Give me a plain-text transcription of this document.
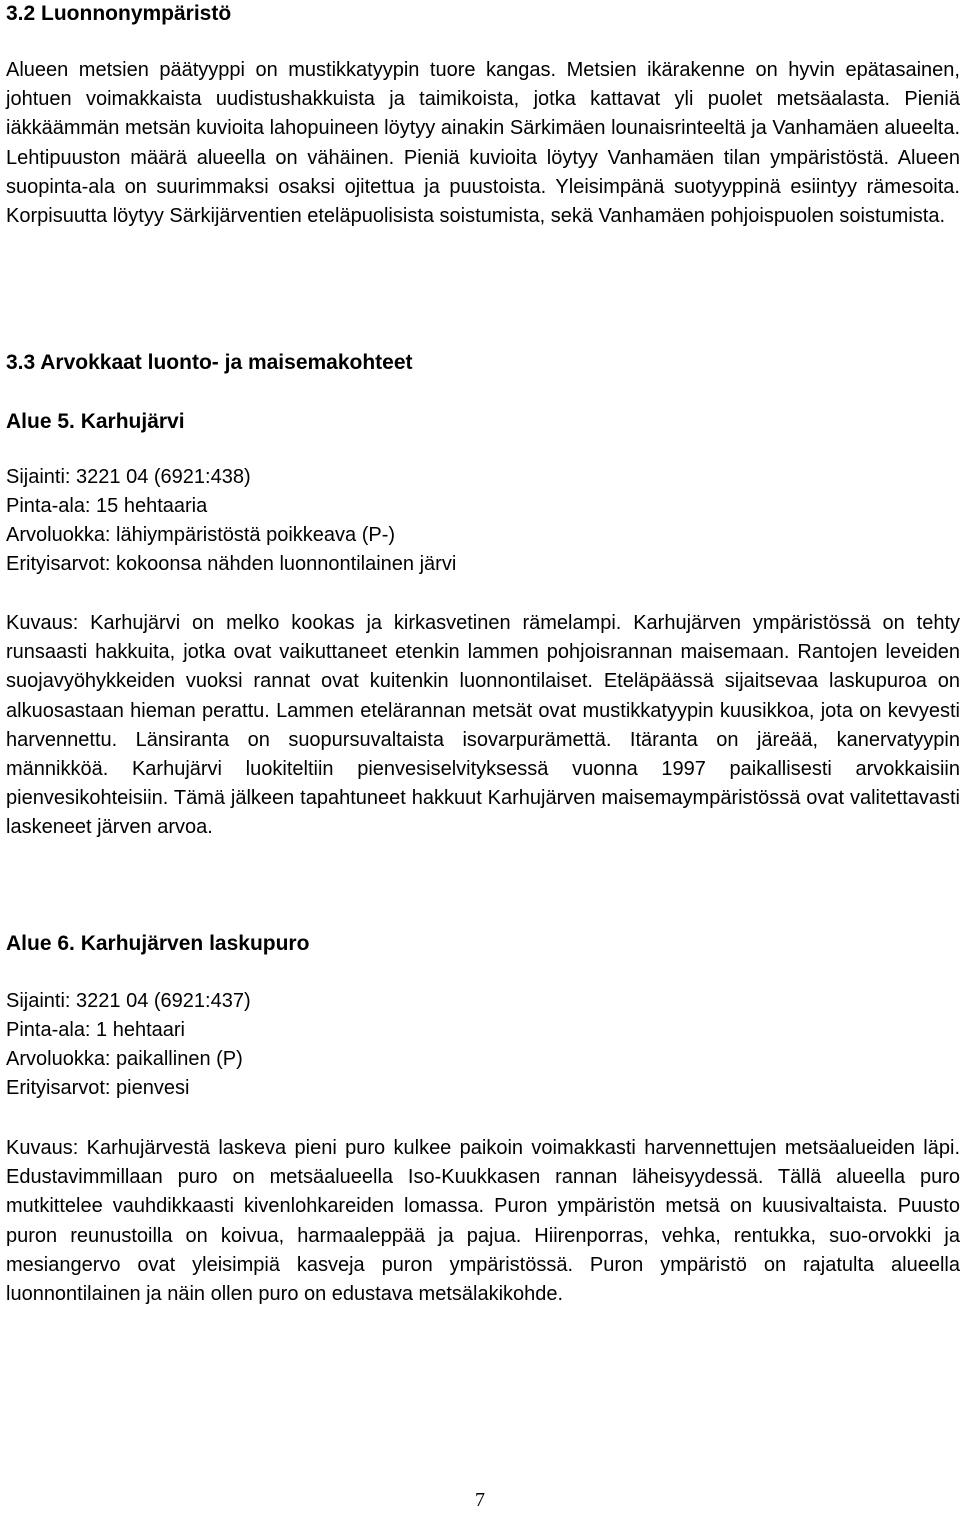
3.2 Luonnonympäristö
Alueen metsien päätyyppi on mustikkatyypin tuore kangas. Metsien ikärakenne on hyvin epätasainen, johtuen voimakkaista uudistushakkuista ja taimikoista, jotka kattavat yli puolet metsäalasta. Pieniä iäkkäämmän metsän kuvioita lahopuineen löytyy ainakin Särkimäen lounaisrinteeltä ja Vanhamäen alueelta. Lehtipuuston määrä alueella on vähäinen. Pieniä kuvioita löytyy Vanhamäen tilan ympäristöstä. Alueen suopinta-ala on suurimmaksi osaksi ojitettua ja puustoista. Yleisimpänä suotyyppinä esiintyy rämesoita. Korpisuutta löytyy Särkijärventien eteläpuolisista soistumista, sekä Vanhamäen pohjoispuolen soistumista.
3.3 Arvokkaat luonto- ja maisemakohteet
Alue 5. Karhujärvi
Sijainti: 3221 04 (6921:438)
Pinta-ala: 15 hehtaaria
Arvoluokka: lähiympäristöstä poikkeava (P-)
Erityisarvot: kokoonsa nähden luonnontilainen järvi
Kuvaus: Karhujärvi on melko kookas ja kirkasvetinen rämelampi. Karhujärven ympäristössä on tehty runsaasti hakkuita, jotka ovat vaikuttaneet etenkin lammen pohjoisrannan maisemaan. Rantojen leveiden suojavyöhykkeiden vuoksi rannat ovat kuitenkin luonnontilaiset. Eteläpäässä sijaitsevaa laskupuroa on alkuosastaan hieman perattu. Lammen etelärannan metsät ovat mustikkatyypin kuusikkoa, jota on kevyesti harvennettu. Länsiranta on suopursuvaltaista isovarpurämettä. Itäranta on järeää, kanervatyypin männikköä. Karhujärvi luokiteltiin pienvesiselvityksessä vuonna 1997 paikallisesti arvokkaisiin pienvesikohteisiin. Tämä jälkeen tapahtuneet hakkuut Karhujärven maisemaympäristössä ovat valitettavasti laskeneet järven arvoa.
Alue 6. Karhujärven laskupuro
Sijainti: 3221 04 (6921:437)
Pinta-ala: 1 hehtaari
Arvoluokka: paikallinen (P)
Erityisarvot: pienvesi
Kuvaus: Karhujärvestä laskeva pieni puro kulkee paikoin voimakkasti harvennettujen metsäalueiden läpi. Edustavimmillaan puro on metsäalueella Iso-Kuukkasen rannan läheisyydessä. Tällä alueella puro mutkittelee vauhdikkaasti kivenlohkareiden lomassa. Puron ympäristön metsä on kuusivaltaista. Puusto puron reunustoilla on koivua, harmaaleppää ja pajua. Hiirenporras, vehka, rentukka, suo-orvokki ja mesiangervo ovat yleisimpiä kasveja puron ympäristössä. Puron ympäristö on rajatulta alueella luonnontilainen ja näin ollen puro on edustava metsälakikohde.
7
